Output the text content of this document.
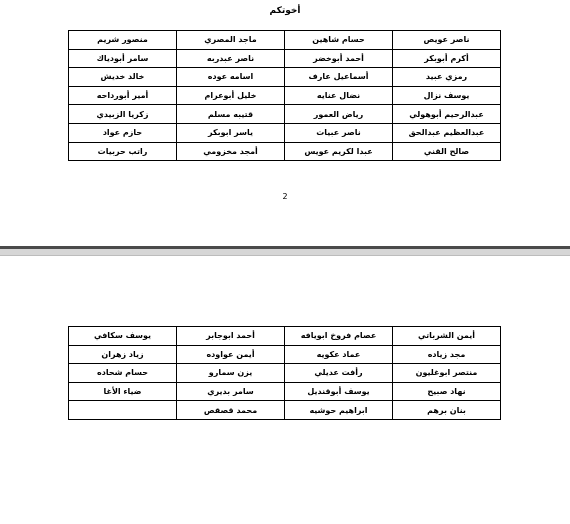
أخوتكم
ناصر عويص	حسام شاهين	ماجد المصري	منصور شريم
أكرم أبوبكر	أحمد أبوخضر	ناصر عبدربه	سامر أبودياك
رمزي عبيد	أسماعيل عارف	اسامه عوده	خالد خديش
يوسف نزال	نضال عنايه	خليل أبوعرام	أمير أبورداحه
عبدالرحيم أبوهولي	رياض العمور	قتيبه مسلم	زكريا الزبيدي
عبدالعظيم عبدالحق	ناصر عبيات	ياسر ابوبكر	حازم عواد
صالح القني	عبدا لكريم عويس	أمجد مخزومي	راتب حربيات
2
أيمن الشرباتي	عصام فروخ ابويافه	أحمد ابوجابر	يوسف سكافي
مجد زياده	عماد عكويه	أيمن عواوده	زياد زهران
منتصر ابوغليون	رأفت عديلي	يزن سمارو	حسام شحاده
نهاد صبيح	يوسف أبوقنديل	سامر بديري	ضياء الأغا
بنان برهم	ابراهيم حوشيه	محمد قصقص	
